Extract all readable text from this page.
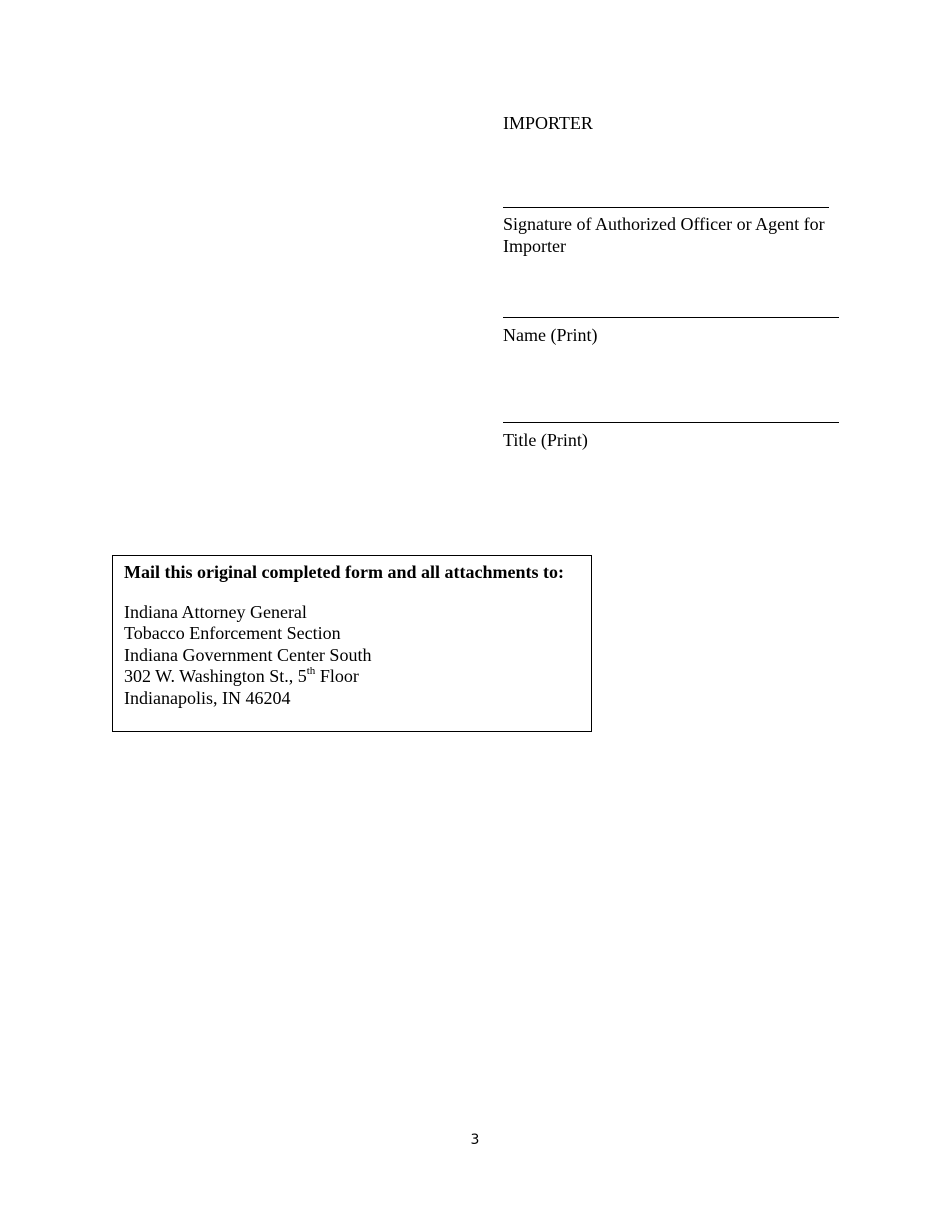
IMPORTER
Signature of Authorized Officer or Agent for Importer
Name (Print)
Title (Print)
Mail this original completed form and all attachments to:
Indiana Attorney General
Tobacco Enforcement Section
Indiana Government Center South
302 W. Washington St., 5th Floor
Indianapolis, IN 46204
3
